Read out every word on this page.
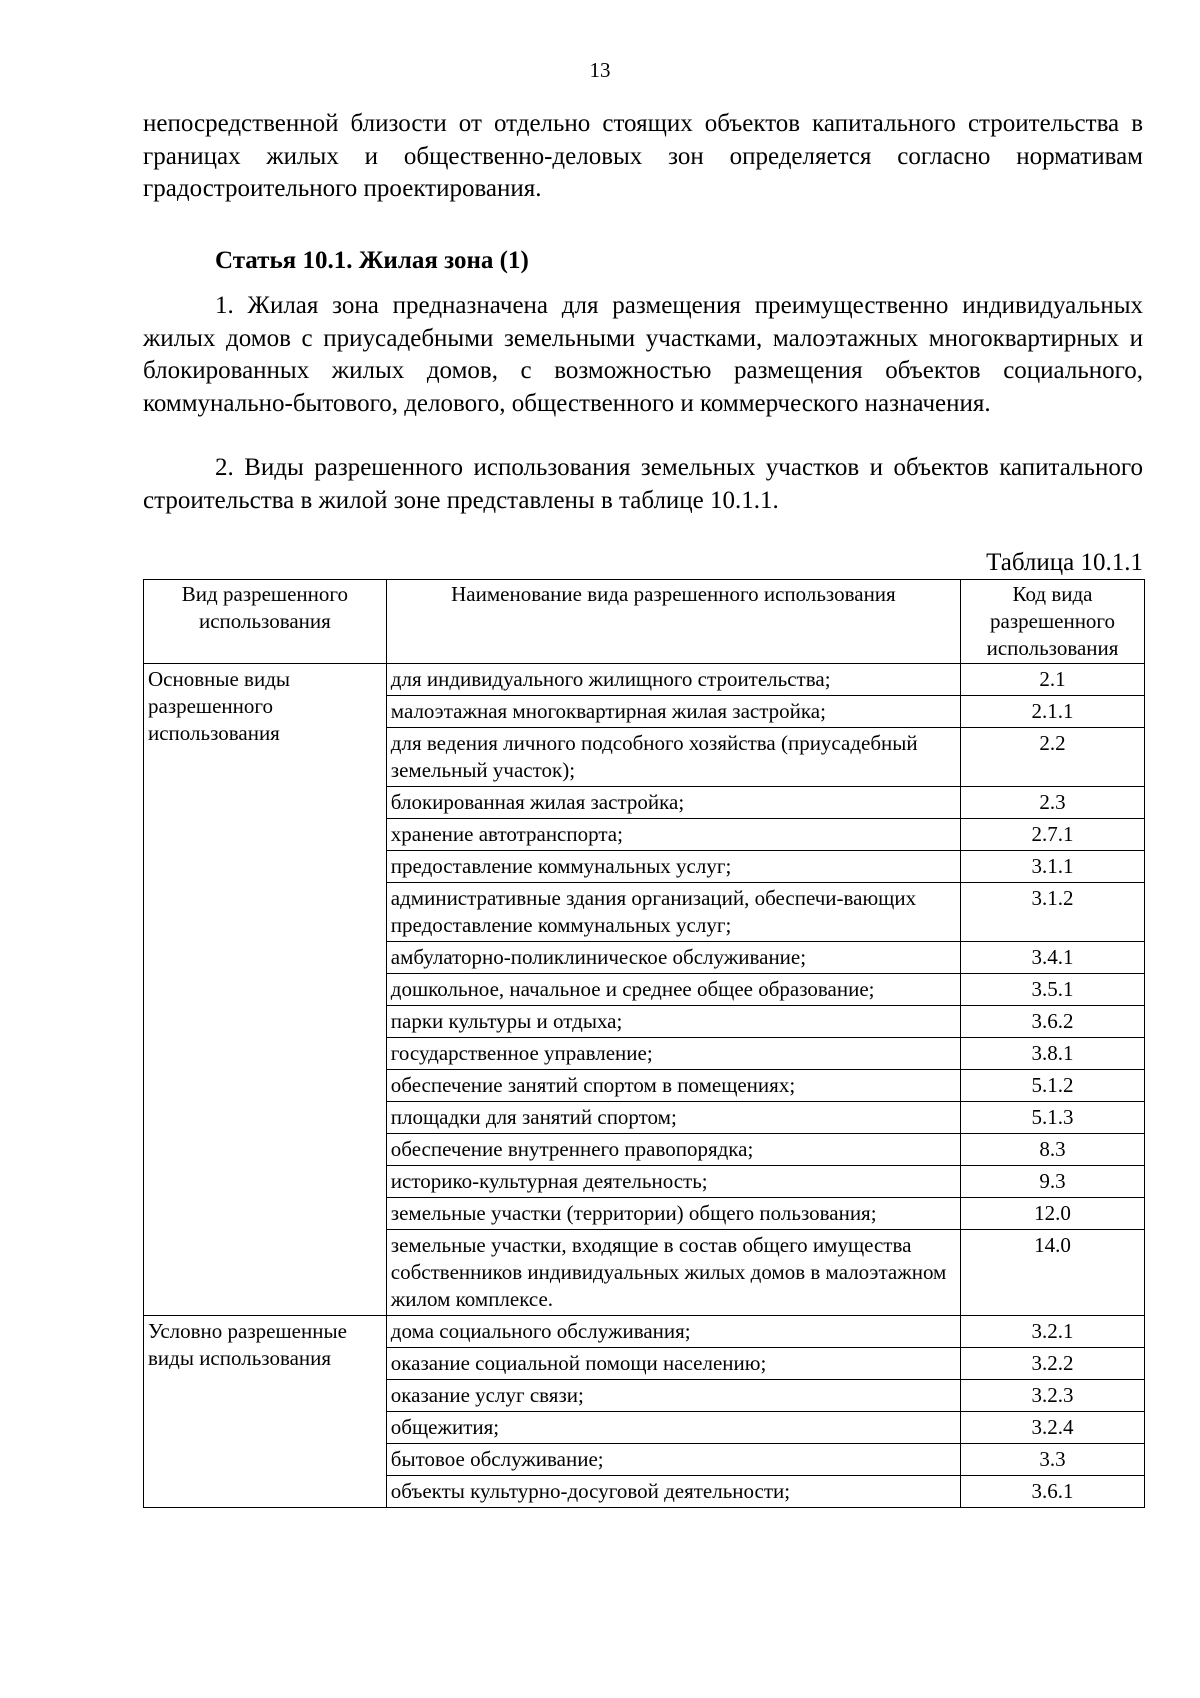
13
непосредственной близости от отдельно стоящих объектов капитального строительства в границах жилых и общественно-деловых зон определяется согласно нормативам градостроительного проектирования.
Статья 10.1. Жилая зона (1)
1. Жилая зона предназначена для размещения преимущественно индивидуальных жилых домов с приусадебными земельными участками, малоэтажных многоквартирных и блокированных жилых домов, с возможностью размещения объектов социального, коммунально-бытового, делового, общественного и коммерческого назначения.
2. Виды разрешенного использования земельных участков и объектов капитального строительства в жилой зоне представлены в таблице 10.1.1.
Таблица 10.1.1
Вид разрешенного использования	Наименование вида разрешенного использования	Код вида разрешенного использования
Основные виды разрешенного использования	для индивидуального жилищного строительства;	2.1
	малоэтажная многоквартирная жилая застройка;	2.1.1
	для ведения личного подсобного хозяйства (приусадебный земельный участок);	2.2
	блокированная жилая застройка;	2.3
	хранение автотранспорта;	2.7.1
	предоставление коммунальных услуг;	3.1.1
	административные здания организаций, обеспечи-вающих предоставление коммунальных услуг;	3.1.2
	амбулаторно-поликлиническое обслуживание;	3.4.1
	дошкольное, начальное и среднее общее образование;	3.5.1
	парки культуры и отдыха;	3.6.2
	государственное управление;	3.8.1
	обеспечение занятий спортом в помещениях;	5.1.2
	площадки для занятий спортом;	5.1.3
	обеспечение внутреннего правопорядка;	8.3
	историко-культурная деятельность;	9.3
	земельные участки (территории) общего пользования;	12.0
	земельные участки, входящие в состав общего имущества собственников индивидуальных жилых домов в малоэтажном жилом комплексе.	14.0
Условно разрешенные виды использования	дома социального обслуживания;	3.2.1
	оказание социальной помощи населению;	3.2.2
	оказание услуг связи;	3.2.3
	общежития;	3.2.4
	бытовое обслуживание;	3.3
	объекты культурно-досуговой деятельности;	3.6.1
